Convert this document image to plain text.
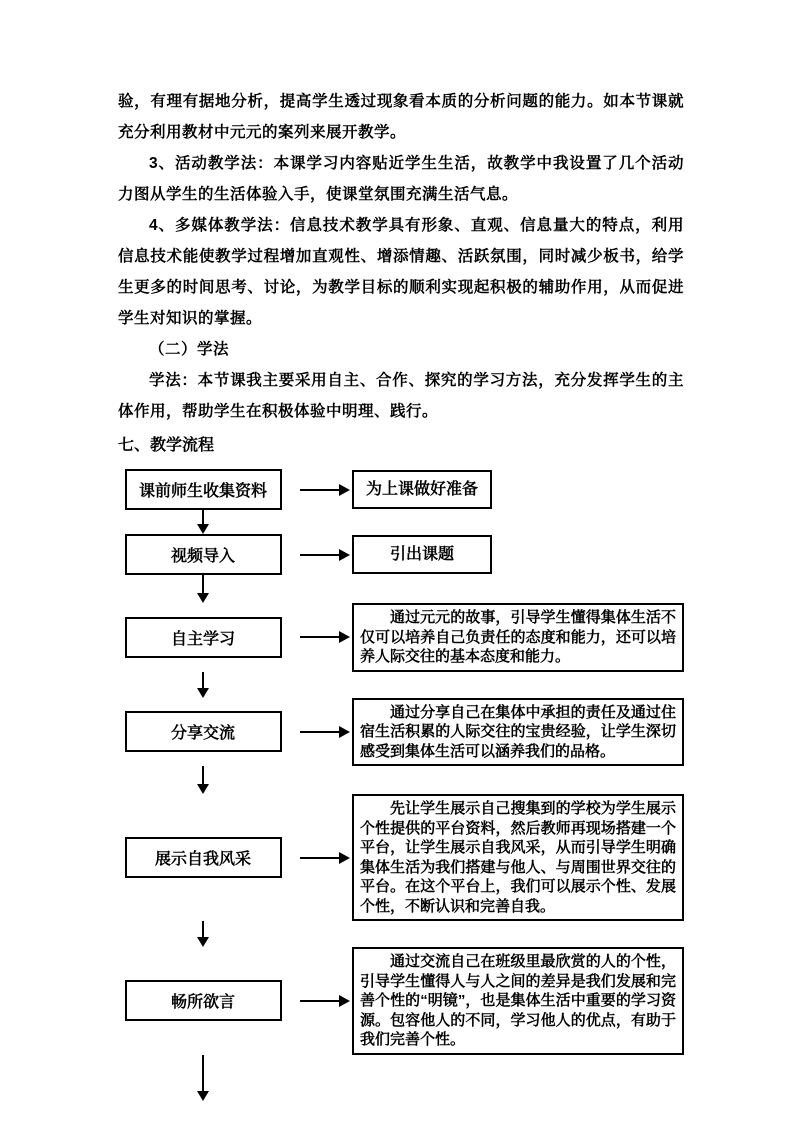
验，有理有据地分析，提高学生透过现象看本质的分析问题的能力。如本节课就充分利用教材中元元的案列来展开教学。

3、活动教学法：本课学习内容贴近学生生活，故教学中我设置了几个活动力图从学生的生活体验入手，使课堂氛围充满生活气息。

4、多媒体教学法：信息技术教学具有形象、直观、信息量大的特点，利用信息技术能使教学过程增加直观性、增添情趣、活跃氛围，同时减少板书，给学生更多的时间思考、讨论，为教学目标的顺利实现起积极的辅助作用，从而促进学生对知识的掌握。

（二）学法

学法：本节课我主要采用自主、合作、探究的学习方法，充分发挥学生的主体作用，帮助学生在积极体验中明理、践行。

七、教学流程
课前师生收集资料	为上课做好准备
视频导入	引出课题
自主学习
通过元元的故事，引导学生懂得集体生活不仅可以培养自己负责任的态度和能力，还可以培养人际交往的基本态度和能力。
分享交流
通过分享自己在集体中承担的责任及通过住宿生活积累的人际交往的宝贵经验，让学生深切感受到集体生活可以涵养我们的品格。
展示自我风采
先让学生展示自己搜集到的学校为学生展示个性提供的平台资料，然后教师再现场搭建一个平台，让学生展示自我风采，从而引导学生明确集体生活为我们搭建与他人、与周围世界交往的平台。在这个平台上，我们可以展示个性、发展个性，不断认识和完善自我。
畅所欲言
通过交流自己在班级里最欣赏的人的个性，引导学生懂得人与人之间的差异是我们发展和完善个性的“明镜”，也是集体生活中重要的学习资源。包容他人的不同，学习他人的优点，有助于我们完善个性。
